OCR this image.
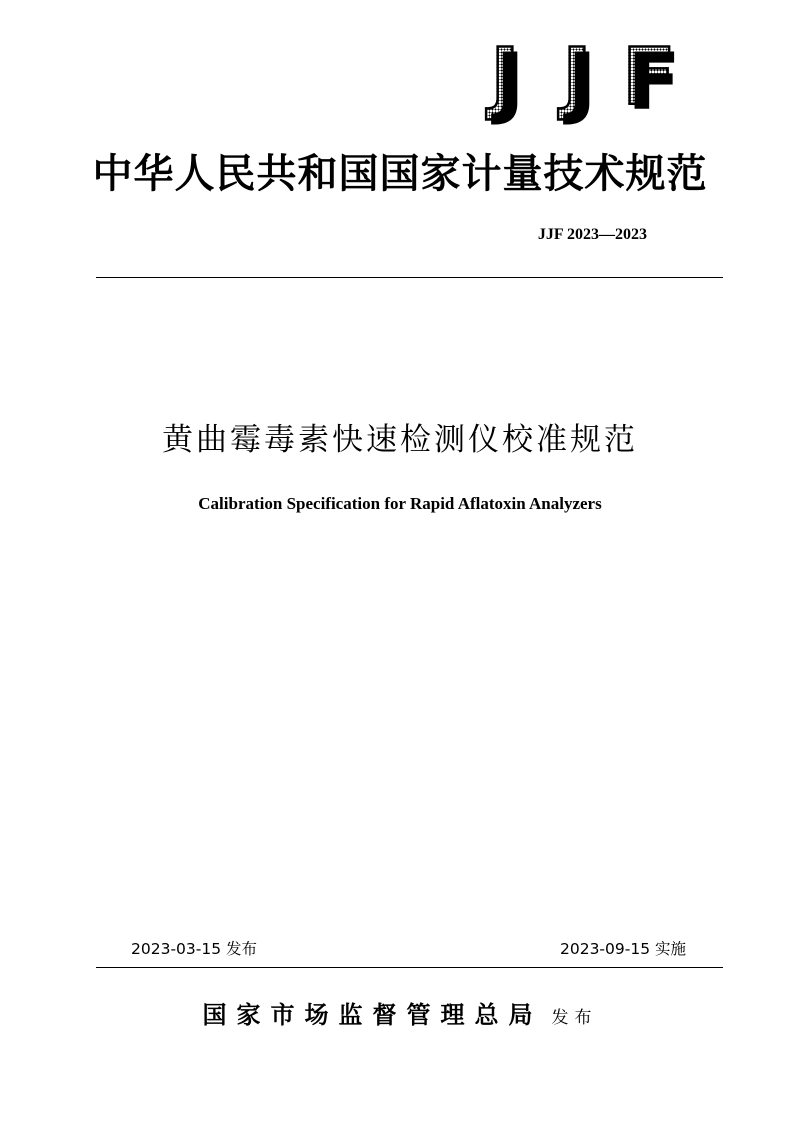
J J F
中华人民共和国国家计量技术规范
JJF 2023—2023
黄曲霉毒素快速检测仪校准规范
Calibration Specification for Rapid Aflatoxin Analyzers
2023-03-15 发布	2023-09-15 实施
国家市场监督管理总局 发布
